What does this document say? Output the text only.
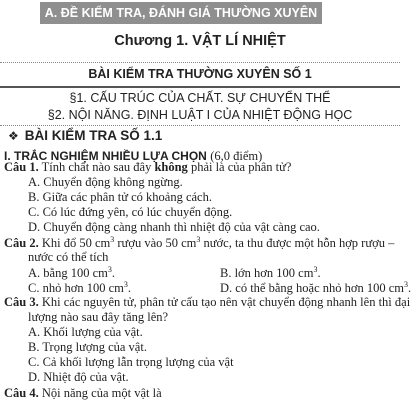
A. ĐỀ KIỂM TRA, ĐÁNH GIÁ THƯỜNG XUYÊN
Chương 1. VẬT LÍ NHIỆT
BÀI KIỂM TRA THƯỜNG XUYÊN SỐ 1
§1. CẤU TRÚC CỦA CHẤT. SỰ CHUYỂN THỂ
§2. NỘI NĂNG. ĐỊNH LUẬT I CỦA NHIỆT ĐỘNG HỌC
❖ BÀI KIỂM TRA SỐ 1.1
I. TRẮC NGHIỆM NHIỀU LỰA CHỌN (6,0 điểm)
Câu 1. Tính chất nào sau đây không phải là của phân tử?
A. Chuyển động không ngừng.
B. Giữa các phân tử có khoảng cách.
C. Có lúc đứng yên, có lúc chuyển động.
D. Chuyển động càng nhanh thì nhiệt độ của vật càng cao.
Câu 2. Khi đổ 50 $cm^3$ rượu vào 50 $cm^3$ nước, ta thu được một hỗn hợp rượu –
nước có thể tích
A. bằng 100 $cm^3$.	B. lớn hơn 100 $cm^3$.
C. nhỏ hơn 100 $cm^3$.	D. có thể bằng hoặc nhỏ hơn 100 $cm^3$.
Câu 3. Khi các nguyên tử, phân tử cấu tạo nên vật chuyển động nhanh lên thì đại
lượng nào sau đây tăng lên?
A. Khối lượng của vật.
B. Trọng lượng của vật.
C. Cả khối lượng lẫn trọng lượng của vật
D. Nhiệt độ của vật.
Câu 4. Nội năng của một vật là
